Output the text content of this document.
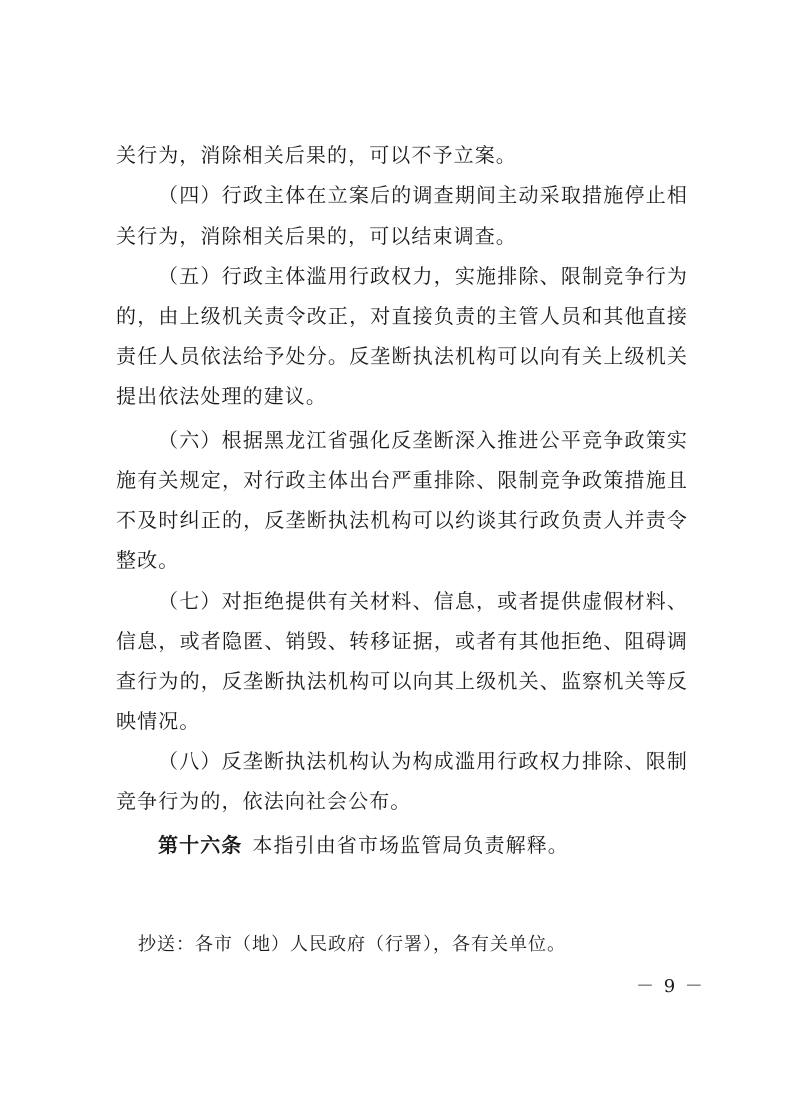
关行为，消除相关后果的，可以不予立案。
（四）行政主体在立案后的调查期间主动采取措施停止相
关行为，消除相关后果的，可以结束调查。
（五）行政主体滥用行政权力，实施排除、限制竞争行为
的，由上级机关责令改正，对直接负责的主管人员和其他直接
责任人员依法给予处分。反垄断执法机构可以向有关上级机关
提出依法处理的建议。
（六）根据黑龙江省强化反垄断深入推进公平竞争政策实
施有关规定，对行政主体出台严重排除、限制竞争政策措施且
不及时纠正的，反垄断执法机构可以约谈其行政负责人并责令
整改。
（七）对拒绝提供有关材料、信息，或者提供虚假材料、
信息，或者隐匿、销毁、转移证据，或者有其他拒绝、阻碍调
查行为的，反垄断执法机构可以向其上级机关、监察机关等反
映情况。
（八）反垄断执法机构认为构成滥用行政权力排除、限制
竞争行为的，依法向社会公布。
第十六条 本指引由省市场监管局负责解释。
抄送：各市（地）人民政府（行署），各有关单位。
－ 9 －
